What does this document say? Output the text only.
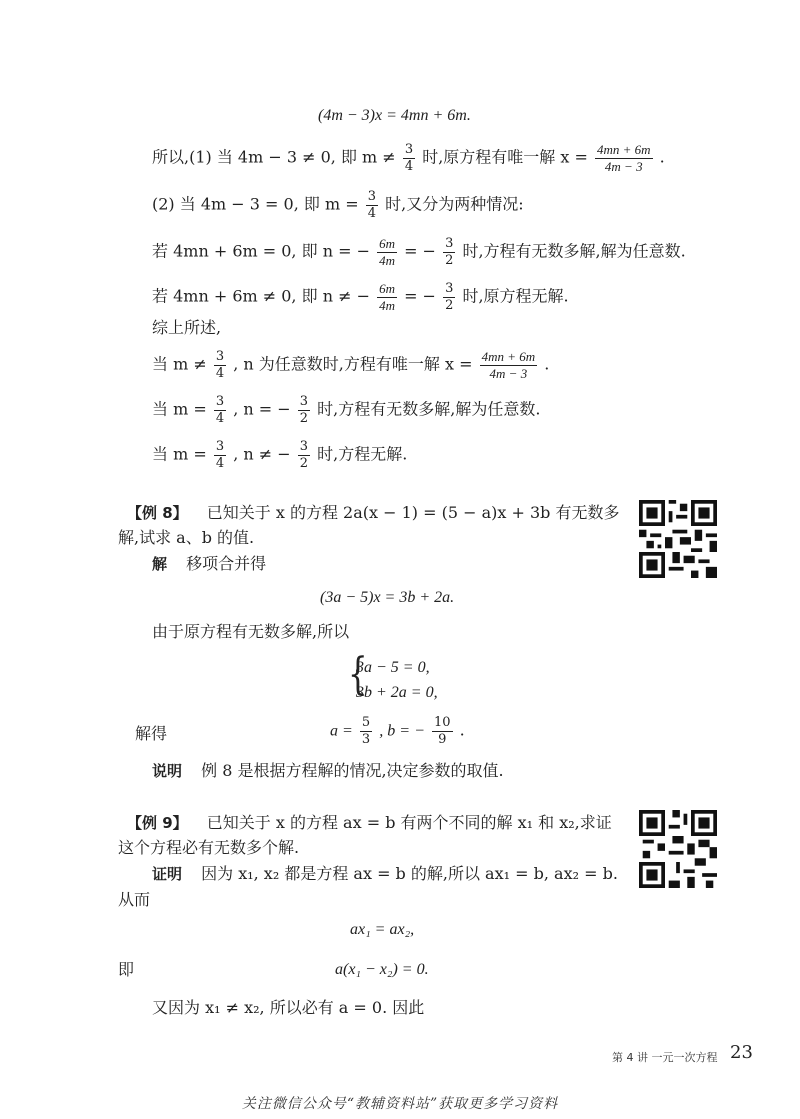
(4m − 3)x = 4mn + 6m.
所以,(1) 当 4m − 3 ≠ 0, 即 $m \ne \frac{3}{4}$ 时,原方程有唯一解 $x = \frac{4mn + 6m}{4m - 3}$ .
(2) 当 4m − 3 = 0, 即 $m = \frac{3}{4}$ 时,又分为两种情况:
若 4mn + 6m = 0, 即 n = − $\frac{6m}{4m}$ = − $\frac{3}{2}$ 时,方程有无数多解,解为任意数.
若 4mn + 6m ≠ 0, 即 n ≠ − $\frac{6m}{4m}$ = − $\frac{3}{2}$ 时,原方程无解.
综上所述,
当 $m \ne \frac{3}{4}$ , n 为任意数时,方程有唯一解 $x = \frac{4mn + 6m}{4m - 3}$ .
当 $m = \frac{3}{4}$ , n = − $\frac{3}{2}$ 时,方程有无数多解,解为任意数.
当 $m = \frac{3}{4}$ , n ≠ − $\frac{3}{2}$ 时,方程无解.
【例 8】 已知关于 x 的方程 2a(x − 1) = (5 − a)x + 3b 有无数多
解,试求 a、b 的值.
解 移项合并得
(3a − 5)x = 3b + 2a.
由于原方程有无数多解,所以
{
3a − 5 = 0,
3b + 2a = 0,
解得	$a = \frac{5}{3}$ , b = − $\frac{10}{9}$ .
说明 例 8 是根据方程解的情况,决定参数的取值.
【例 9】 已知关于 x 的方程 ax = b 有两个不同的解 x₁ 和 x₂,求证
这个方程必有无数多个解.
证明 因为 x₁, x₂ 都是方程 ax = b 的解,所以 ax₁ = b, ax₂ = b.
从而
ax₁ = ax₂,
即	a(x₁ − x₂) = 0.
又因为 x₁ ≠ x₂, 所以必有 a = 0. 因此
第 4 讲 一元一次方程 23
关注微信公众号“教辅资料站”获取更多学习资料
